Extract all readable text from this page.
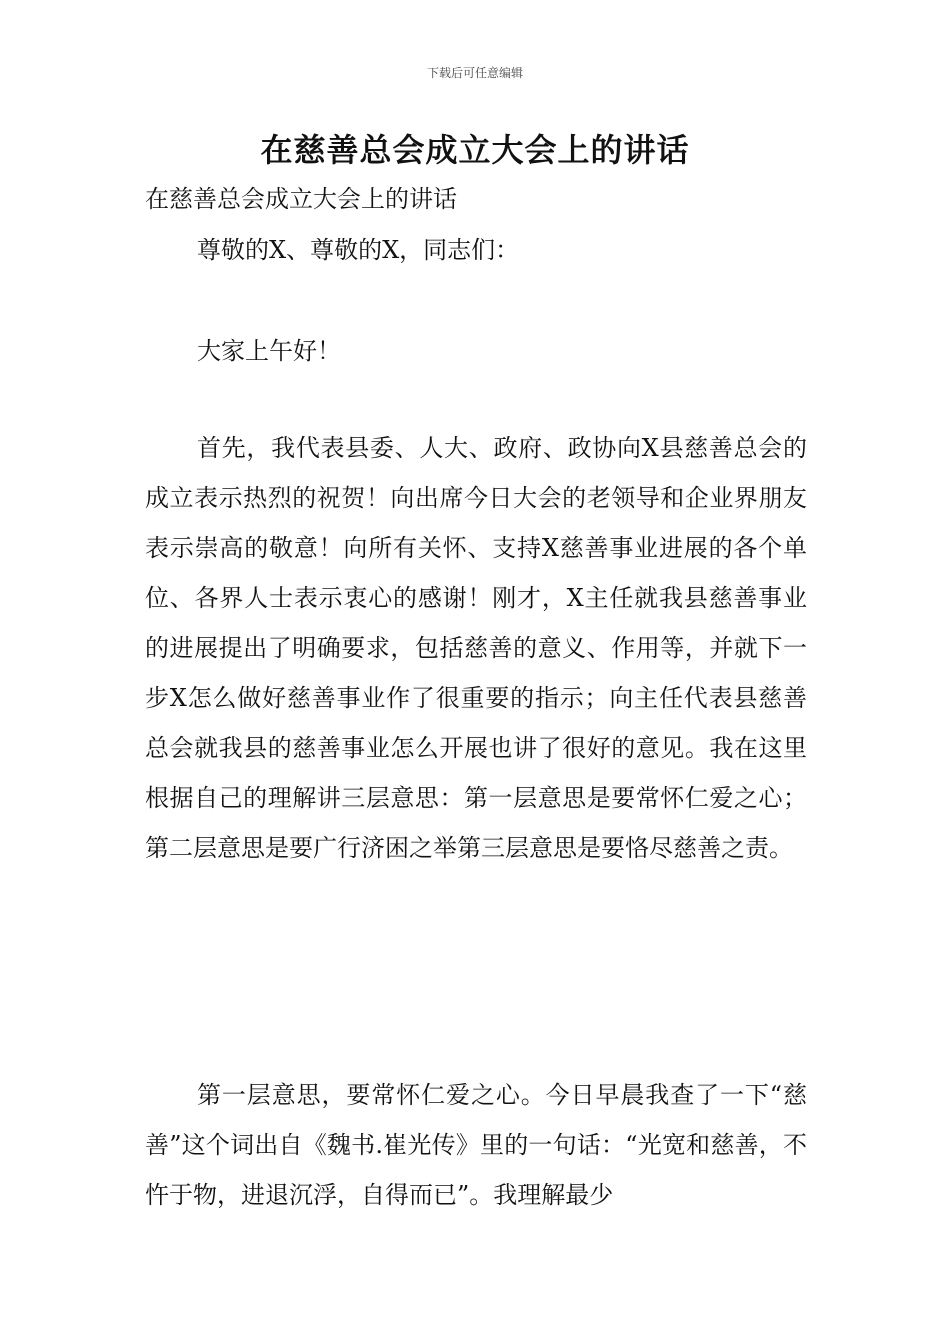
下载后可任意编辑
在慈善总会成立大会上的讲话
在慈善总会成立大会上的讲话
尊敬的X、尊敬的X，同志们：
大家上午好！

首先，我代表县委、人大、政府、政协向X县慈善总会的成立表示热烈的祝贺！向出席今日大会的老领导和企业界朋友表示崇高的敬意！向所有关怀、支持X慈善事业进展的各个单位、各界人士表示衷心的感谢！刚才，X主任就我县慈善事业的进展提出了明确要求，包括慈善的意义、作用等，并就下一步X怎么做好慈善事业作了很重要的指示；向主任代表县慈善总会就我县的慈善事业怎么开展也讲了很好的意见。我在这里根据自己的理解讲三层意思：第一层意思是要常怀仁爱之心；第二层意思是要广行济困之举第三层意思是要恪尽慈善之责。

第一层意思，要常怀仁爱之心。今日早晨我查了一下“慈善”这个词出自《魏书.崔光传》里的一句话：“光宽和慈善，不忤于物，进退沉浮，自得而已”。我理解最少
